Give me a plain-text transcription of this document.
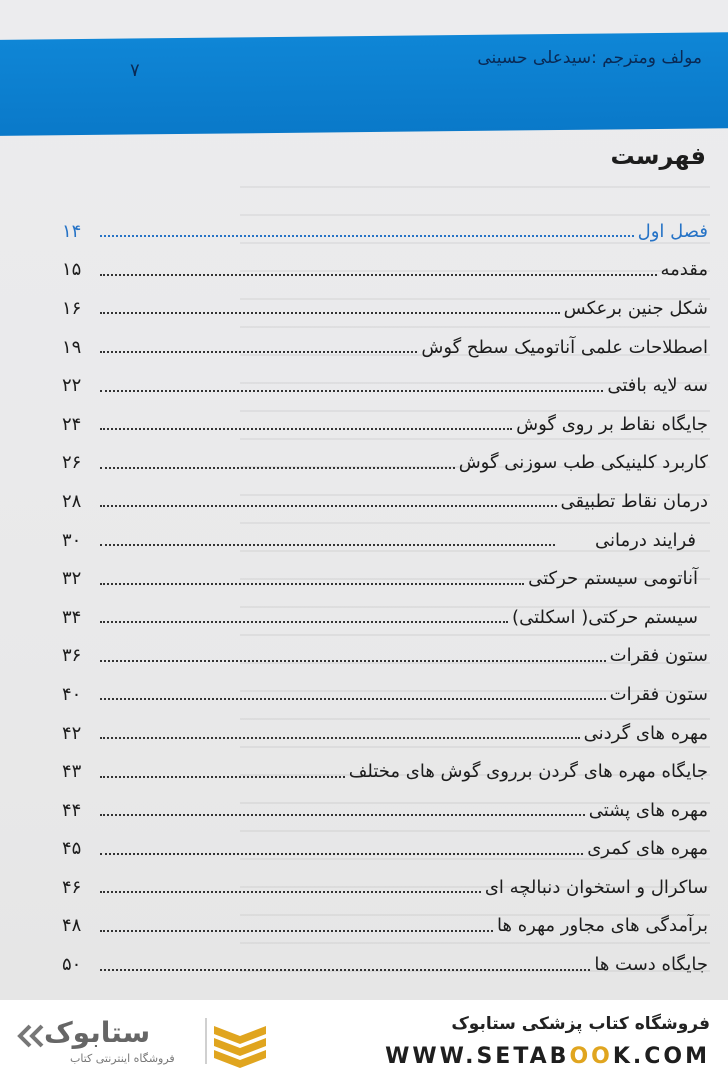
مولف ومترجم :سیدعلی حسینی
۷
فهرست
۱۴	فصل اول
۱۵	مقدمه
۱۶	شکل جنین برعکس
۱۹	اصطلاحات علمی آناتومیک سطح گوش
۲۲	سه لایه بافتی
۲۴	جایگاه نقاط بر روی گوش
۲۶	کاربرد کلینیکی طب سوزنی گوش
۲۸	درمان نقاط تطبیقی
۳۰	فرایند درمانی
۳۲	آناتومی سیستم حرکتی
۳۴	سیستم حرکتی( اسکلتی)
۳۶	ستون فقرات
۴۰	ستون فقرات
۴۲	مهره های گردنی
۴۳	جایگاه مهره های گردن برروی گوش های مختلف
۴۴	مهره های پشتی
۴۵	مهره های کمری
۴۶	ساکرال و استخوان دنبالچه ای
۴۸	برآمدگی های مجاور مهره ها
۵۰	جایگاه دست ها
فروشگاه کتاب پزشکی ستابوک
WWW.SETABOOK.COM
ستابوک
فروشگاه اینترنتی کتاب
